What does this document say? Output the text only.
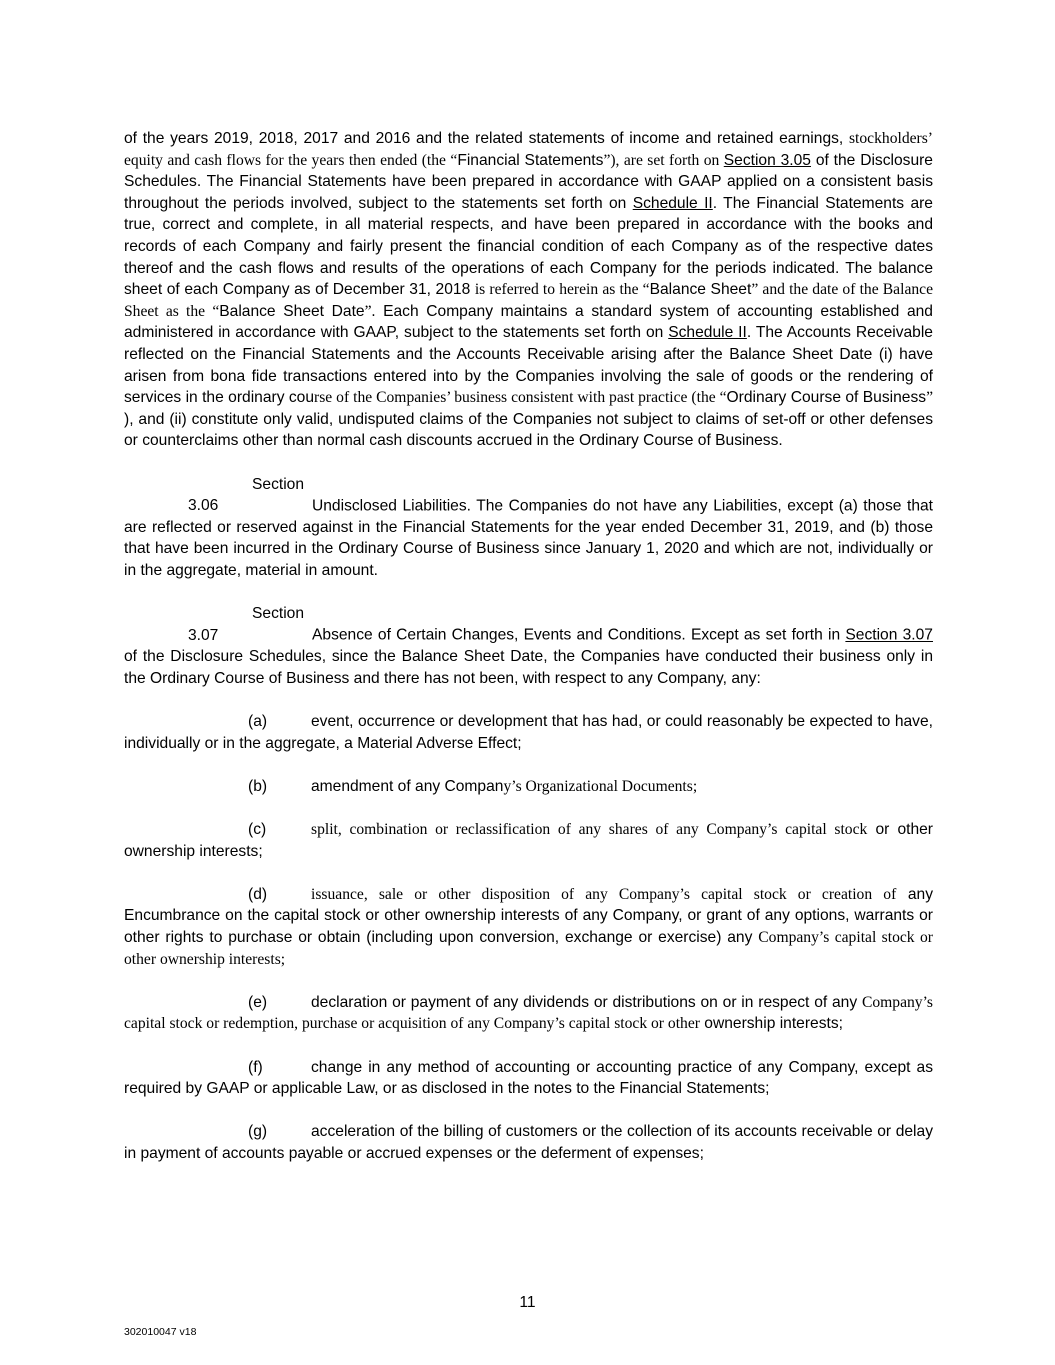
of the years 2019, 2018, 2017 and 2016 and the related statements of income and retained earnings, stockholders’ equity and cash flows for the years then ended (the “Financial Statements”), are set forth on Section 3.05 of the Disclosure Schedules. The Financial Statements have been prepared in accordance with GAAP applied on a consistent basis throughout the periods involved, subject to the statements set forth on Schedule II. The Financial Statements are true, correct and complete, in all material respects, and have been prepared in accordance with the books and records of each Company and fairly present the financial condition of each Company as of the respective dates thereof and the cash flows and results of the operations of each Company for the periods indicated. The balance sheet of each Company as of December 31, 2018 is referred to herein as the “Balance Sheet” and the date of the Balance Sheet as the “Balance Sheet Date”. Each Company maintains a standard system of accounting established and administered in accordance with GAAP, subject to the statements set forth on Schedule II. The Accounts Receivable reflected on the Financial Statements and the Accounts Receivable arising after the Balance Sheet Date (i) have arisen from bona fide transactions entered into by the Companies involving the sale of goods or the rendering of services in the ordinary course of the Companies’ business consistent with past practice (the “Ordinary Course of Business” ), and (ii) constitute only valid, undisputed claims of the Companies not subject to claims of set-off or other defenses or counterclaims other than normal cash discounts accrued in the Ordinary Course of Business.

Section 3.06	Undisclosed Liabilities. The Companies do not have any Liabilities, except (a) those that are reflected or reserved against in the Financial Statements for the year ended December 31, 2019, and (b) those that have been incurred in the Ordinary Course of Business since January 1, 2020 and which are not, individually or in the aggregate, material in amount.

Section 3.07	Absence of Certain Changes, Events and Conditions. Except as set forth in Section 3.07 of the Disclosure Schedules, since the Balance Sheet Date, the Companies have conducted their business only in the Ordinary Course of Business and there has not been, with respect to any Company, any:

(a)	event, occurrence or development that has had, or could reasonably be expected to have, individually or in the aggregate, a Material Adverse Effect;

(b)	amendment of any Company’s Organizational Documents;

(c)	split, combination or reclassification of any shares of any Company’s capital stock or other ownership interests;

(d)	issuance, sale or other disposition of any Company’s capital stock or creation of any Encumbrance on the capital stock or other ownership interests of any Company, or grant of any options, warrants or other rights to purchase or obtain (including upon conversion, exchange or exercise) any Company’s capital stock or other ownership interests;

(e)	declaration or payment of any dividends or distributions on or in respect of any Company’s capital stock or redemption, purchase or acquisition of any Company’s capital stock or other ownership interests;

(f)	change in any method of accounting or accounting practice of any Company, except as required by GAAP or applicable Law, or as disclosed in the notes to the Financial Statements;

(g)	acceleration of the billing of customers or the collection of its accounts receivable or delay in payment of accounts payable or accrued expenses or the deferment of expenses;

11
302010047 v18
